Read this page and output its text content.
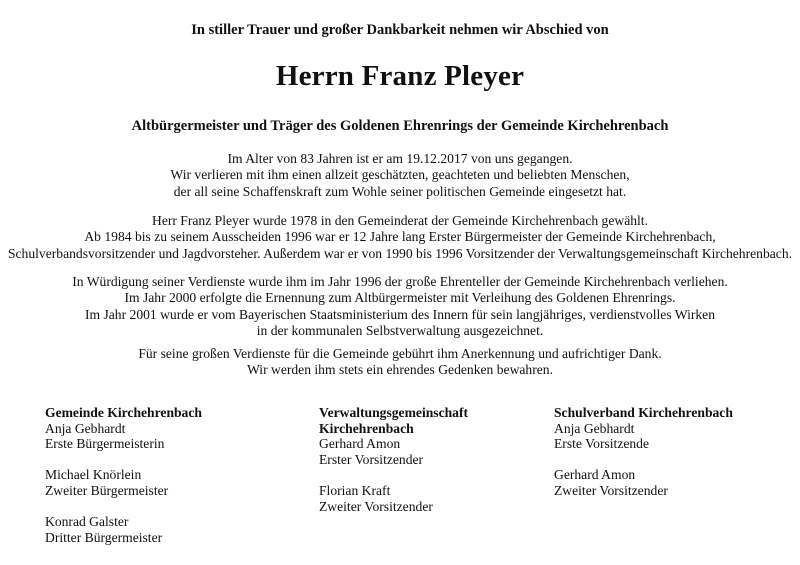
In stiller Trauer und großer Dankbarkeit nehmen wir Abschied von
Herrn Franz Pleyer
Altbürgermeister und Träger des Goldenen Ehrenrings der Gemeinde Kirchehrenbach
Im Alter von 83 Jahren ist er am 19.12.2017 von uns gegangen.
Wir verlieren mit ihm einen allzeit geschätzten, geachteten und beliebten Menschen,
der all seine Schaffenskraft zum Wohle seiner politischen Gemeinde eingesetzt hat.
Herr Franz Pleyer wurde 1978 in den Gemeinderat der Gemeinde Kirchehrenbach gewählt.
Ab 1984 bis zu seinem Ausscheiden 1996 war er 12 Jahre lang Erster Bürgermeister der Gemeinde Kirchehrenbach,
Schulverbandsvorsitzender und Jagdvorsteher. Außerdem war er von 1990 bis 1996 Vorsitzender der Verwaltungsgemeinschaft Kirchehrenbach.
In Würdigung seiner Verdienste wurde ihm im Jahr 1996 der große Ehrenteller der Gemeinde Kirchehrenbach verliehen.
Im Jahr 2000 erfolgte die Ernennung zum Altbürgermeister mit Verleihung des Goldenen Ehrenrings.
Im Jahr 2001 wurde er vom Bayerischen Staatsministerium des Innern für sein langjähriges, verdienstvolles Wirken
in der kommunalen Selbstverwaltung ausgezeichnet.
Für seine großen Verdienste für die Gemeinde gebührt ihm Anerkennung und aufrichtiger Dank.
Wir werden ihm stets ein ehrendes Gedenken bewahren.
Gemeinde Kirchehrenbach
Anja Gebhardt
Erste Bürgermeisterin
Michael Knörlein
Zweiter Bürgermeister
Konrad Galster
Dritter Bürgermeister
Verwaltungsgemeinschaft
Kirchehrenbach
Gerhard Amon
Erster Vorsitzender
Florian Kraft
Zweiter Vorsitzender
Schulverband Kirchehrenbach
Anja Gebhardt
Erste Vorsitzende
Gerhard Amon
Zweiter Vorsitzender
